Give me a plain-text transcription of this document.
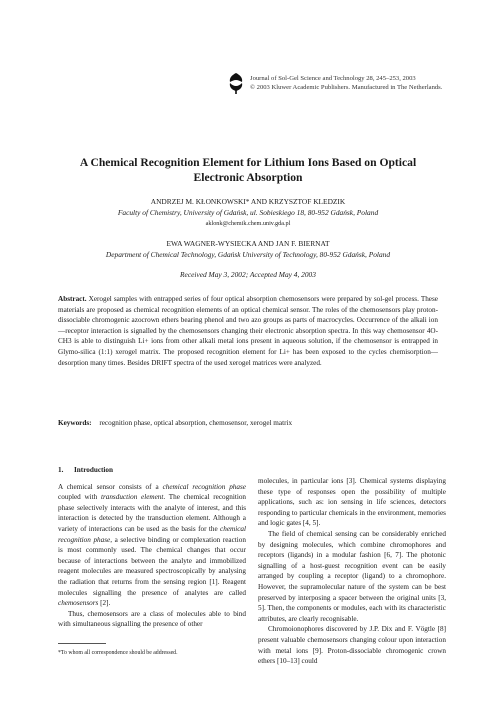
Journal of Sol-Gel Science and Technology 28, 245–253, 2003
© 2003 Kluwer Academic Publishers. Manufactured in The Netherlands.
A Chemical Recognition Element for Lithium Ions Based on Optical
Electronic Absorption
ANDRZEJ M. KŁONKOWSKI* AND KRZYSZTOF KLEDZIK
Faculty of Chemistry, University of Gdańsk, ul. Sobieskiego 18, 80-952 Gdańsk, Poland
aklonk@chemik.chem.univ.gda.pl
EWA WAGNER-WYSIECKA AND JAN F. BIERNAT
Department of Chemical Technology, Gdańsk University of Technology, 80-952 Gdańsk, Poland
Received May 3, 2002; Accepted May 4, 2003
Abstract. Xerogel samples with entrapped series of four optical absorption chemosensors were prepared by sol-gel process. These materials are proposed as chemical recognition elements of an optical chemical sensor. The roles of the chemosensors play proton-dissociable chromogenic azocrown ethers bearing phenol and two azo groups as parts of macrocycles. Occurrence of the alkali ion—receptor interaction is signalled by the chemosensors changing their electronic absorption spectra. In this way chemosensor 4O-CH3 is able to distinguish Li+ ions from other alkali metal ions present in aqueous solution, if the chemosensor is entrapped in Glymo-silica (1:1) xerogel matrix. The proposed recognition element for Li+ has been exposed to the cycles chemisorption—desorption many times. Besides DRIFT spectra of the used xerogel matrices were analyzed.
Keywords: recognition phase, optical absorption, chemosensor, xerogel matrix
1. Introduction

A chemical sensor consists of a chemical recognition phase coupled with transduction element. The chemical recognition phase selectively interacts with the analyte of interest, and this interaction is detected by the transduction element. Although a variety of interactions can be used as the basis for the chemical recognition phase, a selective binding or complexation reaction is most commonly used. The chemical changes that occur because of interactions between the analyte and immobilized reagent molecules are measured spectroscopically by analysing the radiation that returns from the sensing region [1]. Reagent molecules signalling the presence of analytes are called chemosensors [2].

Thus, chemosensors are a class of molecules able to bind with simultaneous signalling the presence of other

molecules, in particular ions [3]. Chemical systems displaying these type of responses open the possibility of multiple applications, such as: ion sensing in life sciences, detectors responding to particular chemicals in the environment, memories and logic gates [4, 5].

The field of chemical sensing can be considerably enriched by designing molecules, which combine chromophores and receptors (ligands) in a modular fashion [6, 7]. The photonic signalling of a host-guest recognition event can be easily arranged by coupling a receptor (ligand) to a chromophore. However, the supramolecular nature of the system can be best preserved by interposing a spacer between the original units [3, 5]. Then, the components or modules, each with its characteristic attributes, are clearly recognisable.

Chromoionophores discovered by J.P. Dix and F. Vögtle [8] present valuable chemosensors changing colour upon interaction with metal ions [9]. Proton-dissociable chromogenic crown ethers [10–13] could

*To whom all correspondence should be addressed.
